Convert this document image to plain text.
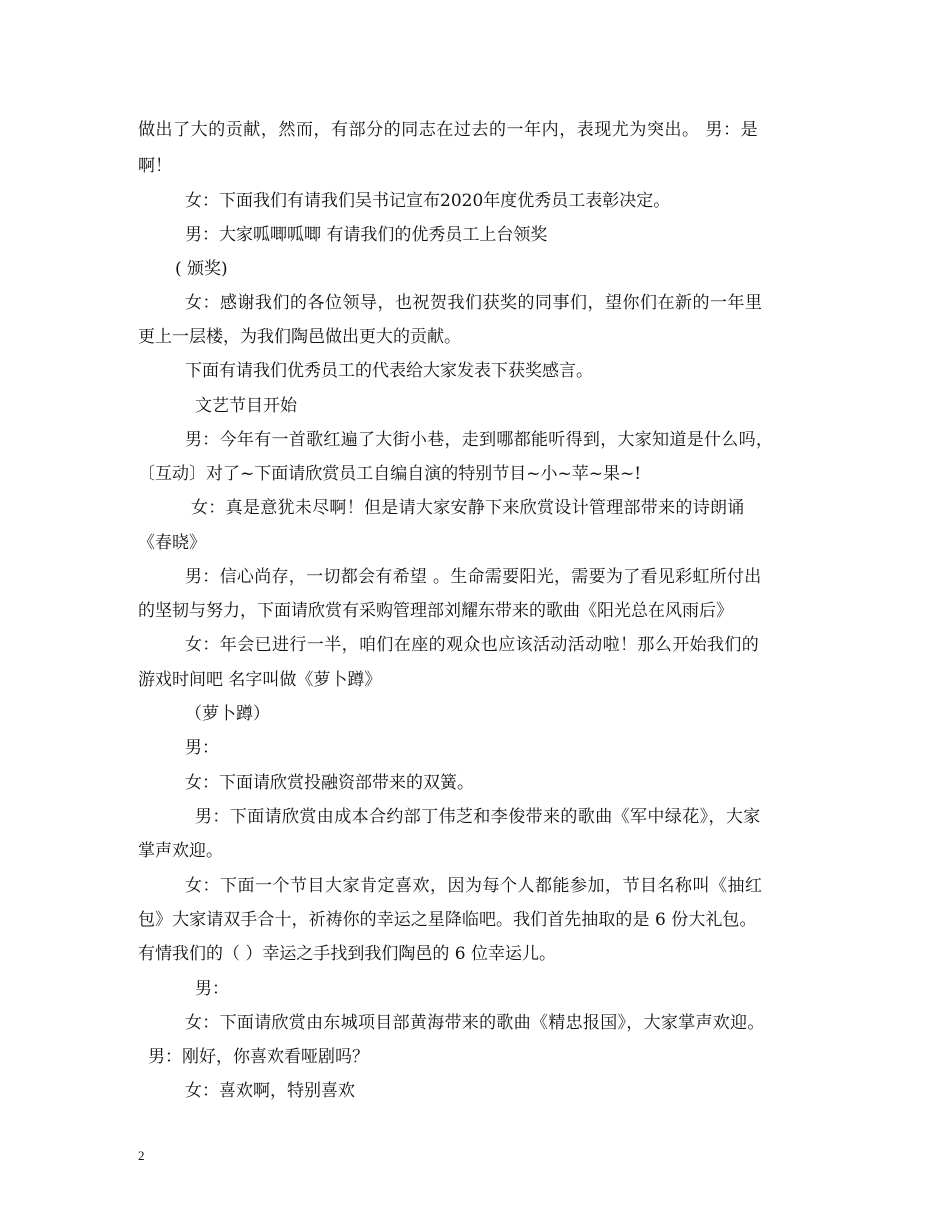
做出了大的贡献，然而，有部分的同志在过去的一年内，表现尤为突出。 男：是
啊！
女：下面我们有请我们吴书记宣布2020年度优秀员工表彰决定。
男：大家呱唧呱唧 有请我们的优秀员工上台领奖
( 颁奖)
女：感谢我们的各位领导，也祝贺我们获奖的同事们，望你们在新的一年里
更上一层楼，为我们陶邑做出更大的贡献。
下面有请我们优秀员工的代表给大家发表下获奖感言。
文艺节目开始
男：今年有一首歌红遍了大街小巷，走到哪都能听得到，大家知道是什么吗，
〔互动〕对了~下面请欣赏员工自编自演的特别节目~小~苹~果~!
女：真是意犹未尽啊！但是请大家安静下来欣赏设计管理部带来的诗朗诵
《春晓》
男：信心尚存，一切都会有希望 。生命需要阳光，需要为了看见彩虹所付出
的坚韧与努力，下面请欣赏有采购管理部刘耀东带来的歌曲《阳光总在风雨后》
女：年会已进行一半，咱们在座的观众也应该活动活动啦！那么开始我们的
游戏时间吧 名字叫做《萝卜蹲》
（萝卜蹲）
男：
女：下面请欣赏投融资部带来的双簧。
男：下面请欣赏由成本合约部丁伟芝和李俊带来的歌曲《军中绿花》，大家
掌声欢迎。
女：下面一个节目大家肯定喜欢，因为每个人都能参加，节目名称叫《抽红
包》大家请双手合十，祈祷你的幸运之星降临吧。我们首先抽取的是 6 份大礼包。
有情我们的（ ）幸运之手找到我们陶邑的 6 位幸运儿。
男：
女：下面请欣赏由东城项目部黄海带来的歌曲《精忠报国》，大家掌声欢迎。
男：刚好，你喜欢看哑剧吗？
女：喜欢啊，特别喜欢
2
